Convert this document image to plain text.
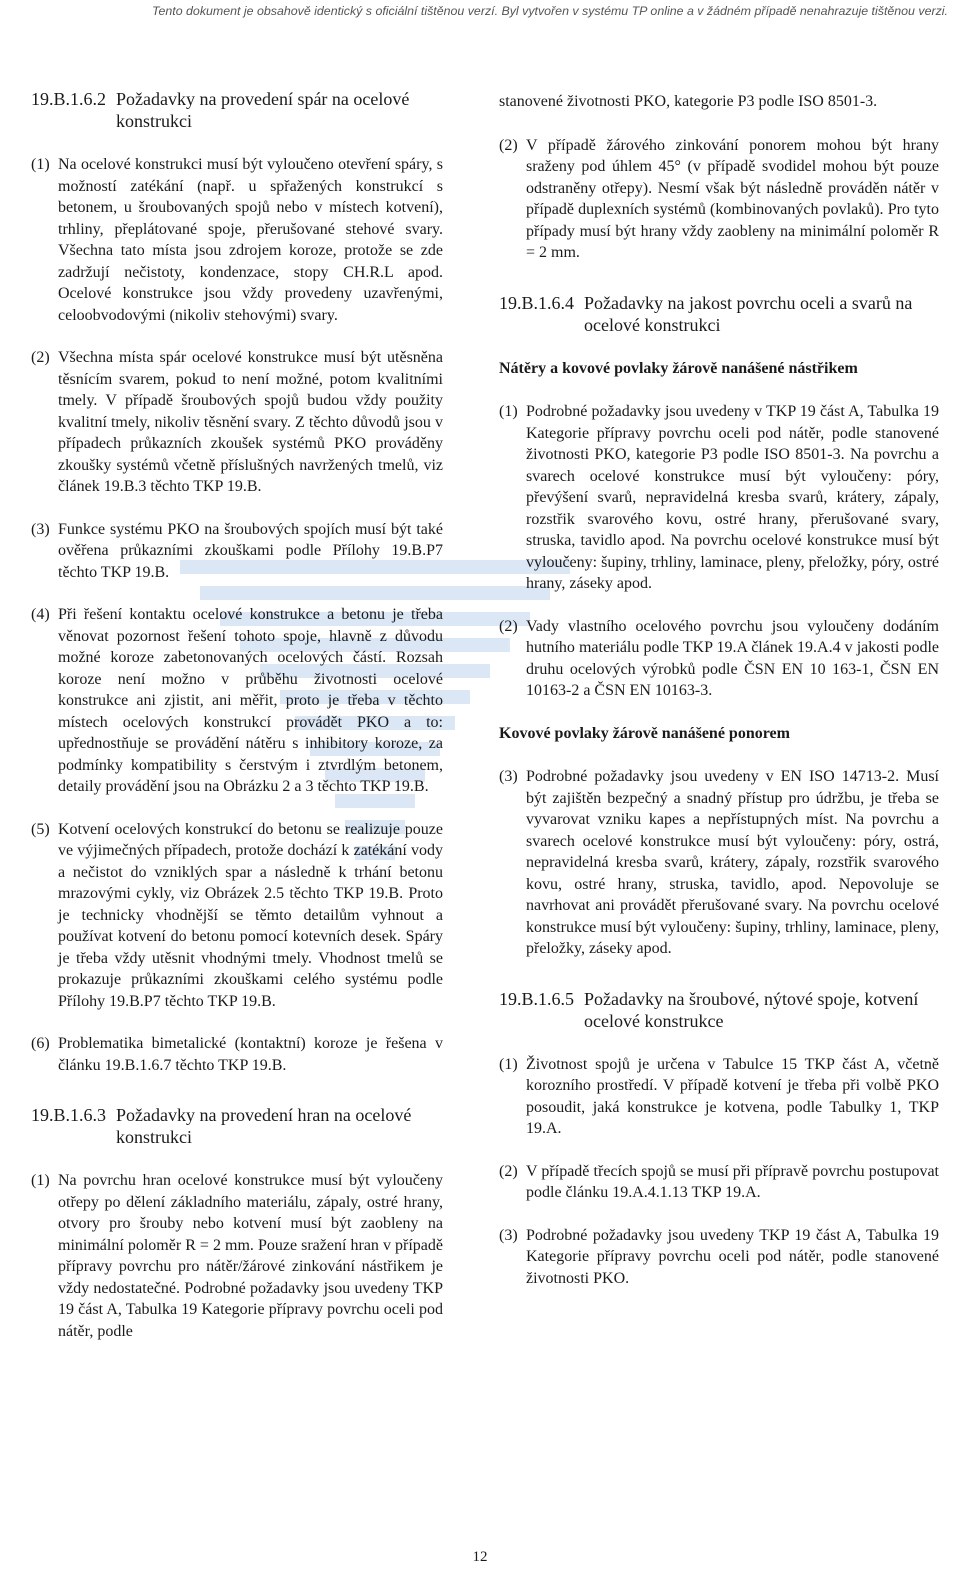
Tento dokument je obsahově identický s oficiální tištěnou verzí. Byl vytvořen v systému TP online a v žádném případě nenahrazuje tištěnou verzi.
19.B.1.6.2 Požadavky na provedení spár na ocelové konstrukci
(1) Na ocelové konstrukci musí být vyloučeno otevření spáry, s možností zatékání (např. u spřažených konstrukcí s betonem, u šroubovaných spojů nebo v místech kotvení), trhliny, přeplátované spoje, přerušované stehové svary. Všechna tato místa jsou zdrojem koroze, protože se zde zadržují nečistoty, kondenzace, stopy CH.R.L apod. Ocelové konstrukce jsou vždy provedeny uzavřenými, celoobvodovými (nikoliv stehovými) svary.
(2) Všechna místa spár ocelové konstrukce musí být utěsněna těsnícím svarem, pokud to není možné, potom kvalitními tmely. V případě šroubových spojů budou vždy použity kvalitní tmely, nikoliv těsnění svary. Z těchto důvodů jsou v případech průkazních zkoušek systémů PKO prováděny zkoušky systémů včetně příslušných navržených tmelů, viz článek 19.B.3 těchto TKP 19.B.
(3) Funkce systému PKO na šroubových spojích musí být také ověřena průkazními zkouškami podle Přílohy 19.B.P7 těchto TKP 19.B.
(4) Při řešení kontaktu ocelové konstrukce a betonu je třeba věnovat pozornost řešení tohoto spoje, hlavně z důvodu možné koroze zabetonovaných ocelových částí. Rozsah koroze není možno v průběhu životnosti ocelové konstrukce ani zjistit, ani měřit, proto je třeba v těchto místech ocelových konstrukcí provádět PKO a to: upřednostňuje se provádění nátěru s inhibitory koroze, za podmínky kompatibility s čerstvým i ztvrdlým betonem, detaily provádění jsou na Obrázku 2 a 3 těchto TKP 19.B.
(5) Kotvení ocelových konstrukcí do betonu se realizuje pouze ve výjimečných případech, protože dochází k zatékání vody a nečistot do vzniklých spar a následně k trhání betonu mrazovými cykly, viz Obrázek 2.5 těchto TKP 19.B. Proto je technicky vhodnější se těmto detailům vyhnout a používat kotvení do betonu pomocí kotevních desek. Spáry je třeba vždy utěsnit vhodnými tmely. Vhodnost tmelů se prokazuje průkazními zkouškami celého systému podle Přílohy 19.B.P7 těchto TKP 19.B.
(6) Problematika bimetalické (kontaktní) koroze je řešena v článku 19.B.1.6.7 těchto TKP 19.B.
19.B.1.6.3 Požadavky na provedení hran na ocelové konstrukci
(1) Na povrchu hran ocelové konstrukce musí být vyloučeny otřepy po dělení základního materiálu, zápaly, ostré hrany, otvory pro šrouby nebo kotvení musí být zaobleny na minimální poloměr R = 2 mm. Pouze sražení hran v případě přípravy povrchu pro nátěr/žárové zinkování nástřikem je vždy nedostatečné. Podrobné požadavky jsou uvedeny TKP 19 část A, Tabulka 19 Kategorie přípravy povrchu oceli pod nátěr, podle
stanovené životnosti PKO, kategorie P3 podle ISO 8501-3.
(2) V případě žárového zinkování ponorem mohou být hrany sraženy pod úhlem 45° (v případě svodidel mohou být pouze odstraněny otřepy). Nesmí však být následně prováděn nátěr v případě duplexních systémů (kombinovaných povlaků). Pro tyto případy musí být hrany vždy zaobleny na minimální poloměr R = 2 mm.
19.B.1.6.4 Požadavky na jakost povrchu oceli a svarů na ocelové konstrukci
Nátěry a kovové povlaky žárově nanášené nástřikem
(1) Podrobné požadavky jsou uvedeny v TKP 19 část A, Tabulka 19 Kategorie přípravy povrchu oceli pod nátěr, podle stanovené životnosti PKO, kategorie P3 podle ISO 8501-3. Na povrchu a svarech ocelové konstrukce musí být vyloučeny: póry, převýšení svarů, nepravidelná kresba svarů, krátery, zápaly, rozstřik svarového kovu, ostré hrany, přerušované svary, struska, tavidlo apod. Na povrchu ocelové konstrukce musí být vyloučeny: šupiny, trhliny, laminace, pleny, přeložky, póry, ostré hrany, záseky apod.
(2) Vady vlastního ocelového povrchu jsou vyloučeny dodáním hutního materiálu podle TKP 19.A článek 19.A.4 v jakosti podle druhu ocelových výrobků podle ČSN EN 10 163-1, ČSN EN 10163-2 a ČSN EN 10163-3.
Kovové povlaky žárově nanášené ponorem
(3) Podrobné požadavky jsou uvedeny v EN ISO 14713-2. Musí být zajištěn bezpečný a snadný přístup pro údržbu, je třeba se vyvarovat vzniku kapes a nepřístupných míst. Na povrchu a svarech ocelové konstrukce musí být vyloučeny: póry, ostrá, nepravidelná kresba svarů, krátery, zápaly, rozstřik svarového kovu, ostré hrany, struska, tavidlo, apod. Nepovoluje se navrhovat ani provádět přerušované svary. Na povrchu ocelové konstrukce musí být vyloučeny: šupiny, trhliny, laminace, pleny, přeložky, záseky apod.
19.B.1.6.5 Požadavky na šroubové, nýtové spoje, kotvení ocelové konstrukce
(1) Životnost spojů je určena v Tabulce 15 TKP část A, včetně korozního prostředí. V případě kotvení je třeba při volbě PKO posoudit, jaká konstrukce je kotvena, podle Tabulky 1, TKP 19.A.
(2) V případě třecích spojů se musí při přípravě povrchu postupovat podle článku 19.A.4.1.13 TKP 19.A.
(3) Podrobné požadavky jsou uvedeny TKP 19 část A, Tabulka 19 Kategorie přípravy povrchu oceli pod nátěr, podle stanovené životnosti PKO.
12
